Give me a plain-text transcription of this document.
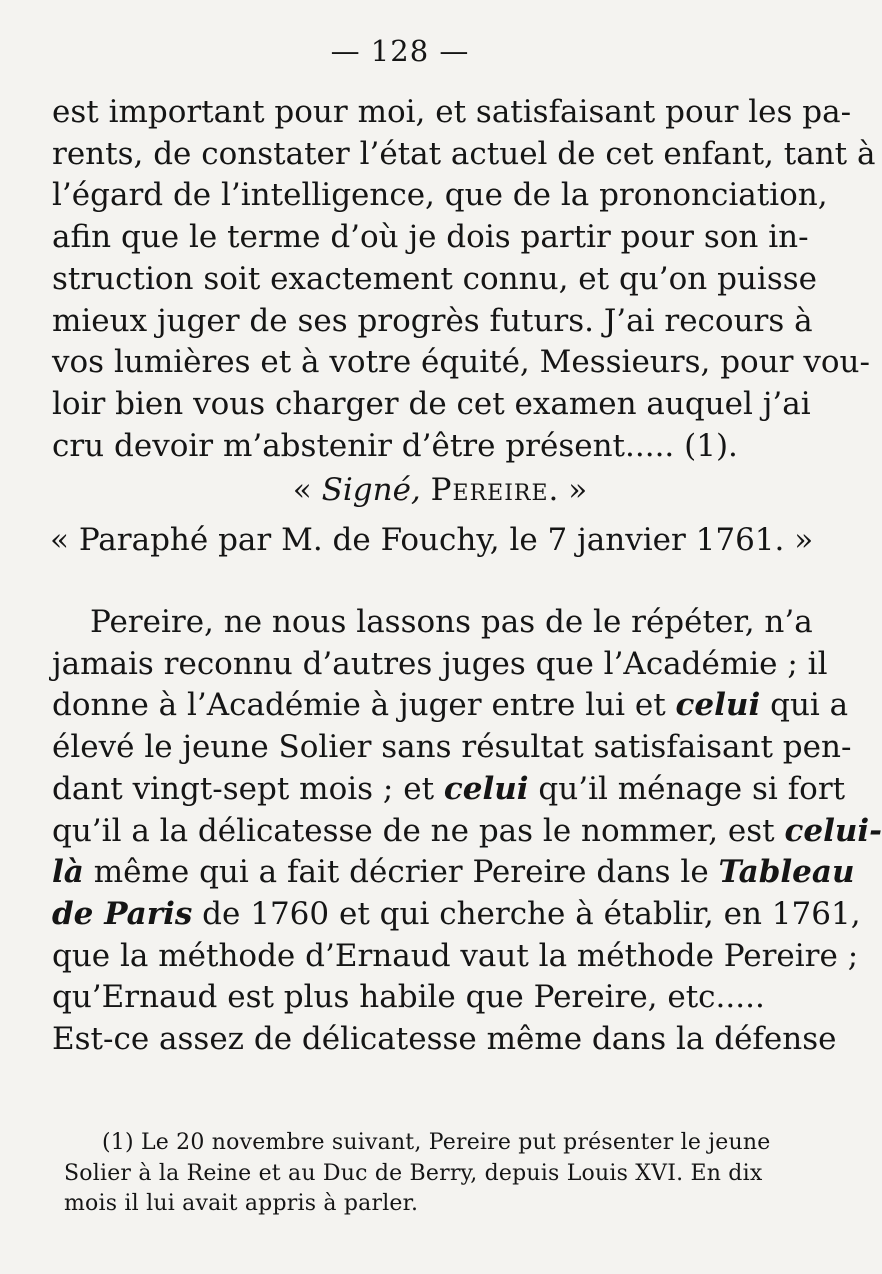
— 128 —
est important pour moi, et satisfaisant pour les pa-
rents, de constater l’état actuel de cet enfant, tant à
l’égard de l’intelligence, que de la prononciation,
afin que le terme d’où je dois partir pour son in-
struction soit exactement connu, et qu’on puisse
mieux juger de ses progrès futurs. J’ai recours à
vos lumières et à votre équité, Messieurs, pour vou-
loir bien vous charger de cet examen auquel j’ai
cru devoir m’abstenir d’être présent..... (1).
« Signé, Pereire. »
« Paraphé par M. de Fouchy, le 7 janvier 1761. »
Pereire, ne nous lassons pas de le répéter, n’a
jamais reconnu d’autres juges que l’Académie ; il
donne à l’Académie à juger entre lui et celui qui a
élevé le jeune Solier sans résultat satisfaisant pen-
dant vingt-sept mois ; et celui qu’il ménage si fort
qu’il a la délicatesse de ne pas le nommer, est celui-
là même qui a fait décrier Pereire dans le Tableau
de Paris de 1760 et qui cherche à établir, en 1761,
que la méthode d’Ernaud vaut la méthode Pereire ;
qu’Ernaud est plus habile que Pereire, etc.....
Est-ce assez de délicatesse même dans la défense
(1) Le 20 novembre suivant, Pereire put présenter le jeune
Solier à la Reine et au Duc de Berry, depuis Louis XVI. En dix
mois il lui avait appris à parler.
